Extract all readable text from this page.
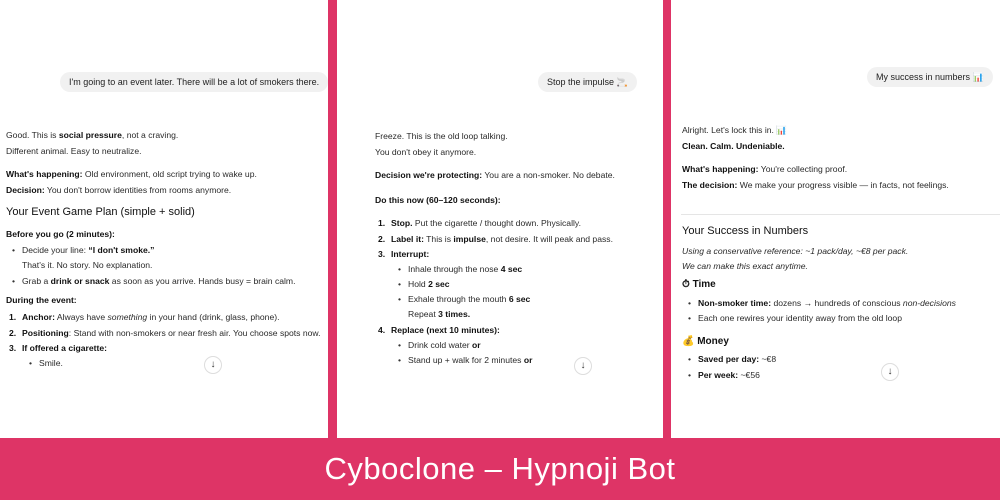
I'm going to an event later. There will be a lot of smokers there.
↓
Good. This is social pressure, not a craving.
Different animal. Easy to neutralize.
What's happening: Old environment, old script trying to wake up.
Decision: You don't borrow identities from rooms anymore.
Your Event Game Plan (simple + solid)
Before you go (2 minutes):
• Decide your line: “I don't smoke.”
That's it. No story. No explanation.
• Grab a drink or snack as soon as you arrive. Hands busy = brain calm.
During the event:
1. Anchor: Always have something in your hand (drink, glass, phone).
2. Positioning: Stand with non-smokers or near fresh air. You choose spots now.
3. If offered a cigarette:
• Smile.
Stop the impulse 🚬
↓
Freeze. This is the old loop talking.
You don't obey it anymore.
Decision we're protecting: You are a non-smoker. No debate.
Do this now (60–120 seconds):
1. Stop. Put the cigarette / thought down. Physically.
2. Label it: This is impulse, not desire. It will peak and pass.
3. Interrupt:
• Inhale through the nose 4 sec
• Hold 2 sec
• Exhale through the mouth 6 sec
Repeat 3 times.
4. Replace (next 10 minutes):
• Drink cold water or
• Stand up + walk for 2 minutes or
My success in numbers 📊
↓
Alright. Let's lock this in. 📊
Clean. Calm. Undeniable.
What's happening: You're collecting proof.
The decision: We make your progress visible — in facts, not feelings.
Your Success in Numbers
Using a conservative reference: ~1 pack/day, ~€8 per pack.
We can make this exact anytime.
⏱ Time
• Non-smoker time: dozens → hundreds of conscious non-decisions
• Each one rewires your identity away from the old loop
💰 Money
• Saved per day: ~€8
• Per week: ~€56
Cyboclone – Hypnoji Bot
